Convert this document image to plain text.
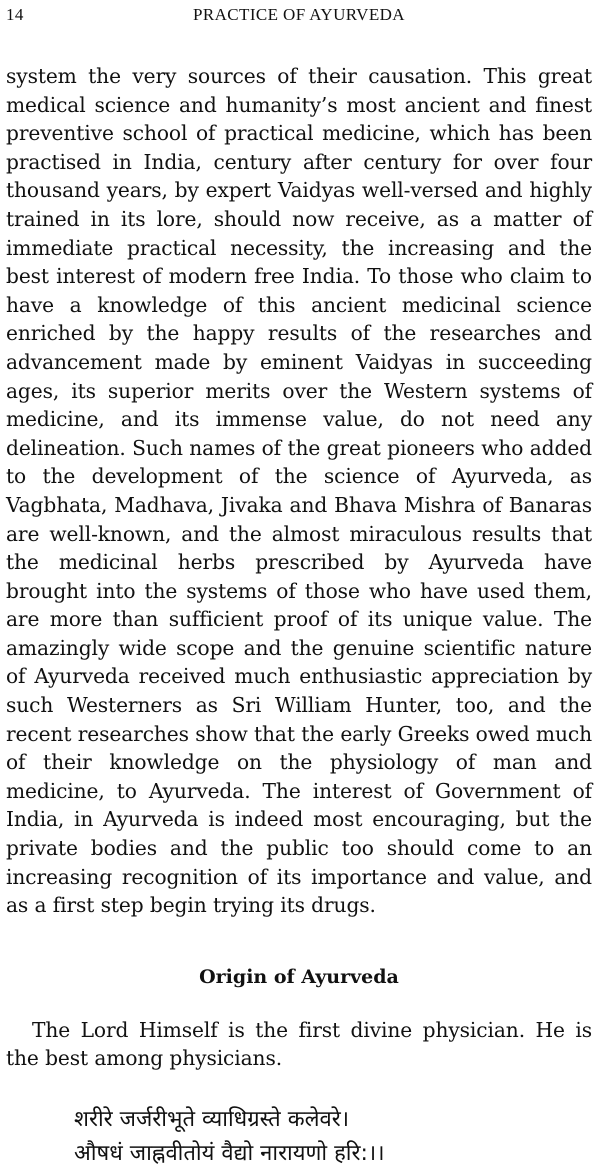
14	PRACTICE OF AYURVEDA

system the very sources of their causation. This great medical science and humanity’s most ancient and finest preventive school of practical medicine, which has been practised in India, century after century for over four thousand years, by expert Vaidyas well-versed and highly trained in its lore, should now receive, as a matter of immediate practical necessity, the increasing and the best interest of modern free India. To those who claim to have a knowledge of this ancient medicinal science enriched by the happy results of the researches and advancement made by eminent Vaidyas in succeeding ages, its superior merits over the Western systems of medicine, and its immense value, do not need any delineation. Such names of the great pioneers who added to the development of the science of Ayurveda, as Vagbhata, Madhava, Jivaka and Bhava Mishra of Banaras are well-known, and the almost miraculous results that the medicinal herbs prescribed by Ayurveda have brought into the systems of those who have used them, are more than sufficient proof of its unique value. The amazingly wide scope and the genuine scientific nature of Ayurveda received much enthusiastic appreciation by such Westerners as Sri William Hunter, too, and the recent researches show that the early Greeks owed much of their knowledge on the physiology of man and medicine, to Ayurveda. The interest of Government of India, in Ayurveda is indeed most encouraging, but the private bodies and the public too should come to an increasing recognition of its importance and value, and as a first step begin trying its drugs.

Origin of Ayurveda

The Lord Himself is the first divine physician. He is the best among physicians.

शरीरे जर्जरीभूते व्याधिग्रस्ते कलेवरे।
औषधं जाह्नवीतोयं वैद्यो नारायणो हरि:।।
